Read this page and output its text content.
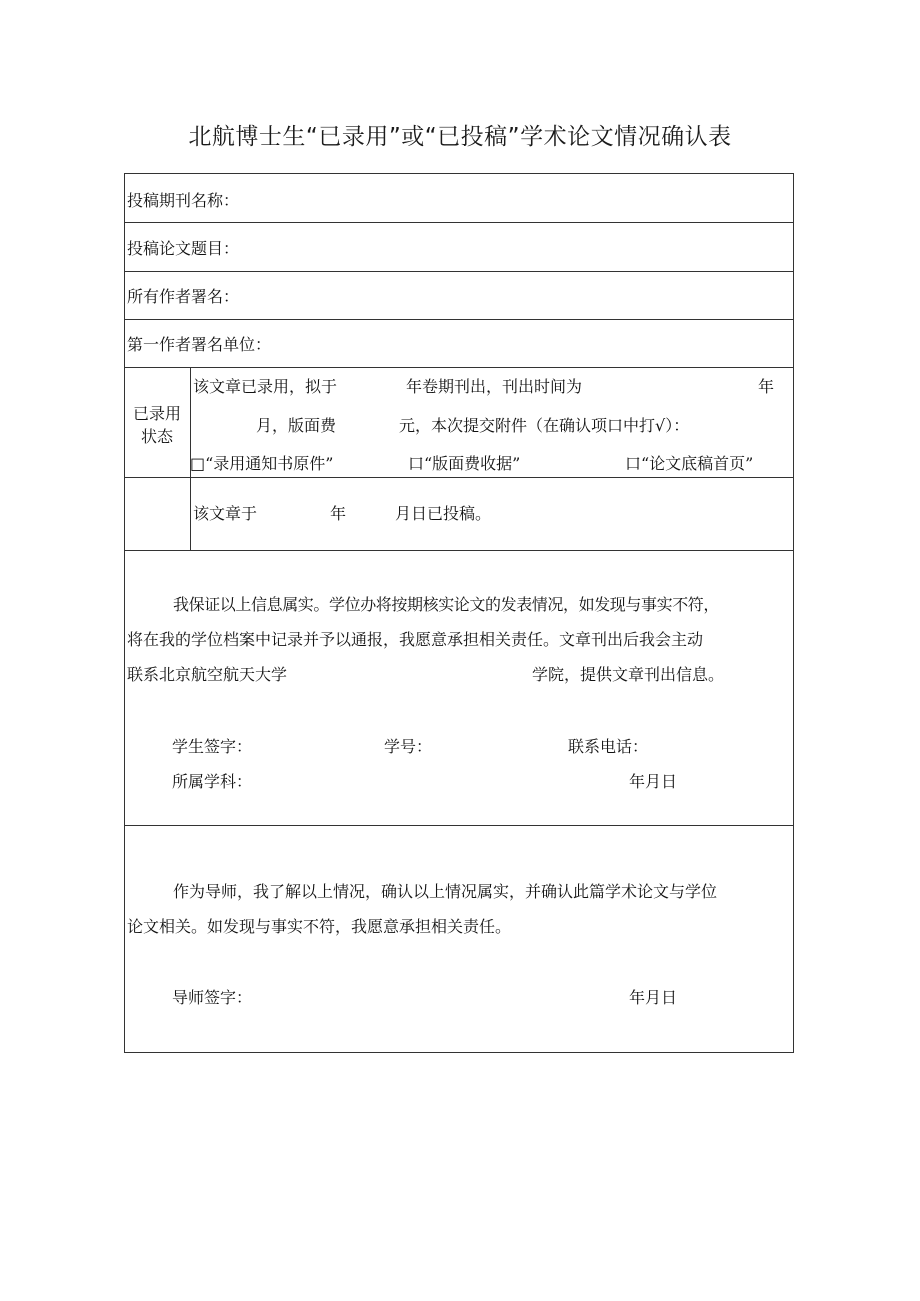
北航博士生“已录用”或“已投稿”学术论文情况确认表
投稿期刊名称：
投稿论文题目：
所有作者署名：
第一作者署名单位：
已录用
状态
该文章已录用，拟于	年卷期刊出，刊出时间为	年
月，版面费	元，本次提交附件（在确认项口中打√）：
□“录用通知书原件”	口“版面费收据”	口“论文底稿首页”
该文章于	年	月日已投稿。

我保证以上信息属实。学位办将按期核实论文的发表情况，如发现与事实不符，

将在我的学位档案中记录并予以通报，我愿意承担相关责任。文章刊出后我会主动

联系北京航空航天大学	学院，提供文章刊出信息。

学生签字：	学号：	联系电话：
所属学科：	年月日

作为导师，我了解以上情况，确认以上情况属实，并确认此篇学术论文与学位

论文相关。如发现与事实不符，我愿意承担相关责任。

导师签字：	年月日
